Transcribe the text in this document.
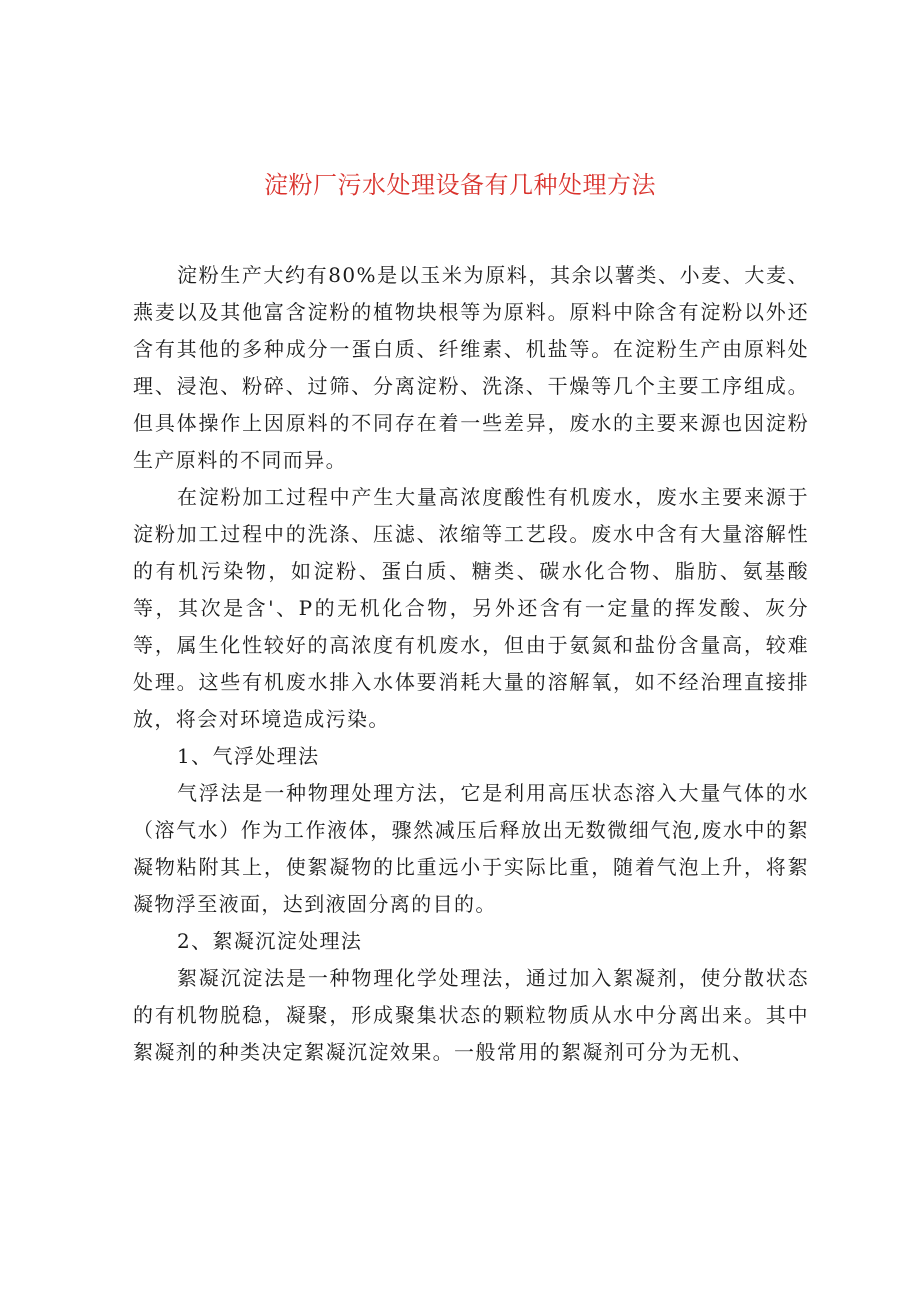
淀粉厂污水处理设备有几种处理方法

淀粉生产大约有80%是以玉米为原料，其余以薯类、小麦、大麦、燕麦以及其他富含淀粉的植物块根等为原料。原料中除含有淀粉以外还含有其他的多种成分一蛋白质、纤维素、机盐等。在淀粉生产由原料处理、浸泡、粉碎、过筛、分离淀粉、洗涤、干燥等几个主要工序组成。但具体操作上因原料的不同存在着一些差异，废水的主要来源也因淀粉生产原料的不同而异。

在淀粉加工过程中产生大量高浓度酸性有机废水，废水主要来源于淀粉加工过程中的洗涤、压滤、浓缩等工艺段。废水中含有大量溶解性的有机污染物，如淀粉、蛋白质、糖类、碳水化合物、脂肪、氨基酸等，其次是含'、P的无机化合物，另外还含有一定量的挥发酸、灰分等，属生化性较好的高浓度有机废水，但由于氨氮和盐份含量高，较难处理。这些有机废水排入水体要消耗大量的溶解氧，如不经治理直接排放，将会对环境造成污染。

1、气浮处理法

气浮法是一种物理处理方法，它是利用高压状态溶入大量气体的水（溶气水）作为工作液体，骤然减压后释放出无数微细气泡,废水中的絮凝物粘附其上，使絮凝物的比重远小于实际比重，随着气泡上升，将絮凝物浮至液面，达到液固分离的目的。

2、絮凝沉淀处理法

絮凝沉淀法是一种物理化学处理法，通过加入絮凝剂，使分散状态的有机物脱稳，凝聚，形成聚集状态的颗粒物质从水中分离出来。其中絮凝剂的种类决定絮凝沉淀效果。一般常用的絮凝剂可分为无机、
